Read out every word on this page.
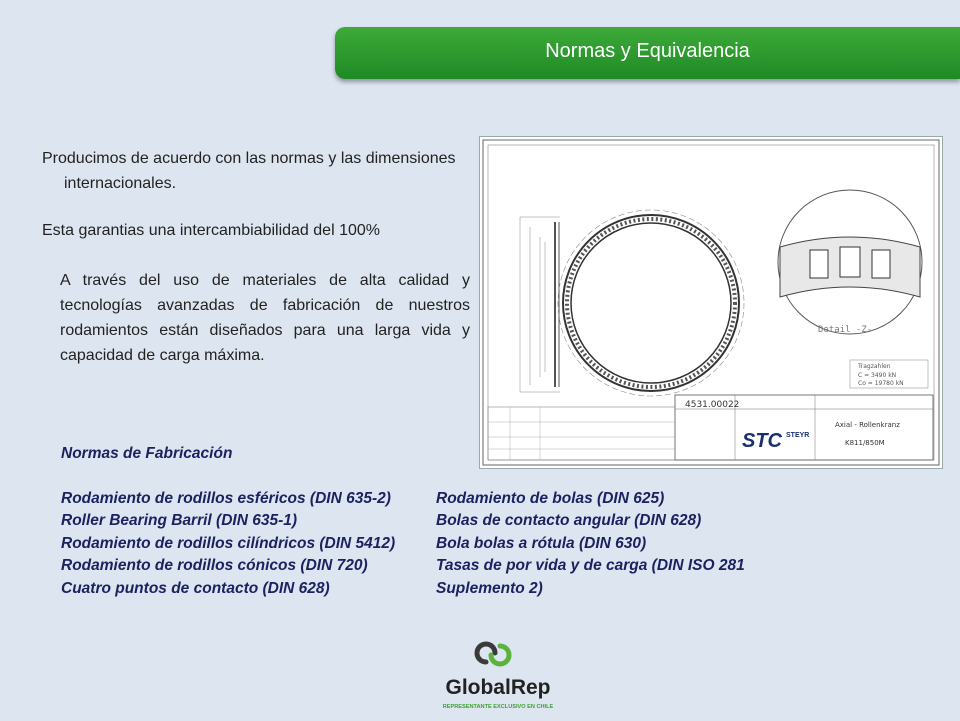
Normas y Equivalencia

Producimos de acuerdo con las normas y las dimensiones internacionales.

Esta garantias una intercambiabilidad del 100%

A través del uso de materiales de alta calidad y tecnologías avanzadas de fabricación de nuestros rodamientos están diseñados para una larga vida y capacidad de carga máxima.

Detail -Z-
Tragzahlen
C = 3490 kN
Co = 19780 kN
4531.00022
Axial - Rollenkranz
K811/850M
STC STEYR
Normas de Fabricación
Rodamiento de rodillos esféricos (DIN 635-2)
Roller Bearing Barril (DIN 635-1)
Rodamiento de rodillos cilíndricos (DIN 5412)
Rodamiento de rodillos cónicos (DIN 720)
Cuatro puntos de contacto (DIN 628)
Rodamiento de bolas (DIN 625)
Bolas de contacto angular (DIN 628)
Bola bolas a rótula (DIN 630)
Tasas de por vida y de carga (DIN ISO 281
Suplemento 2)
GlobalRep
REPRESENTANTE EXCLUSIVO EN CHILE
